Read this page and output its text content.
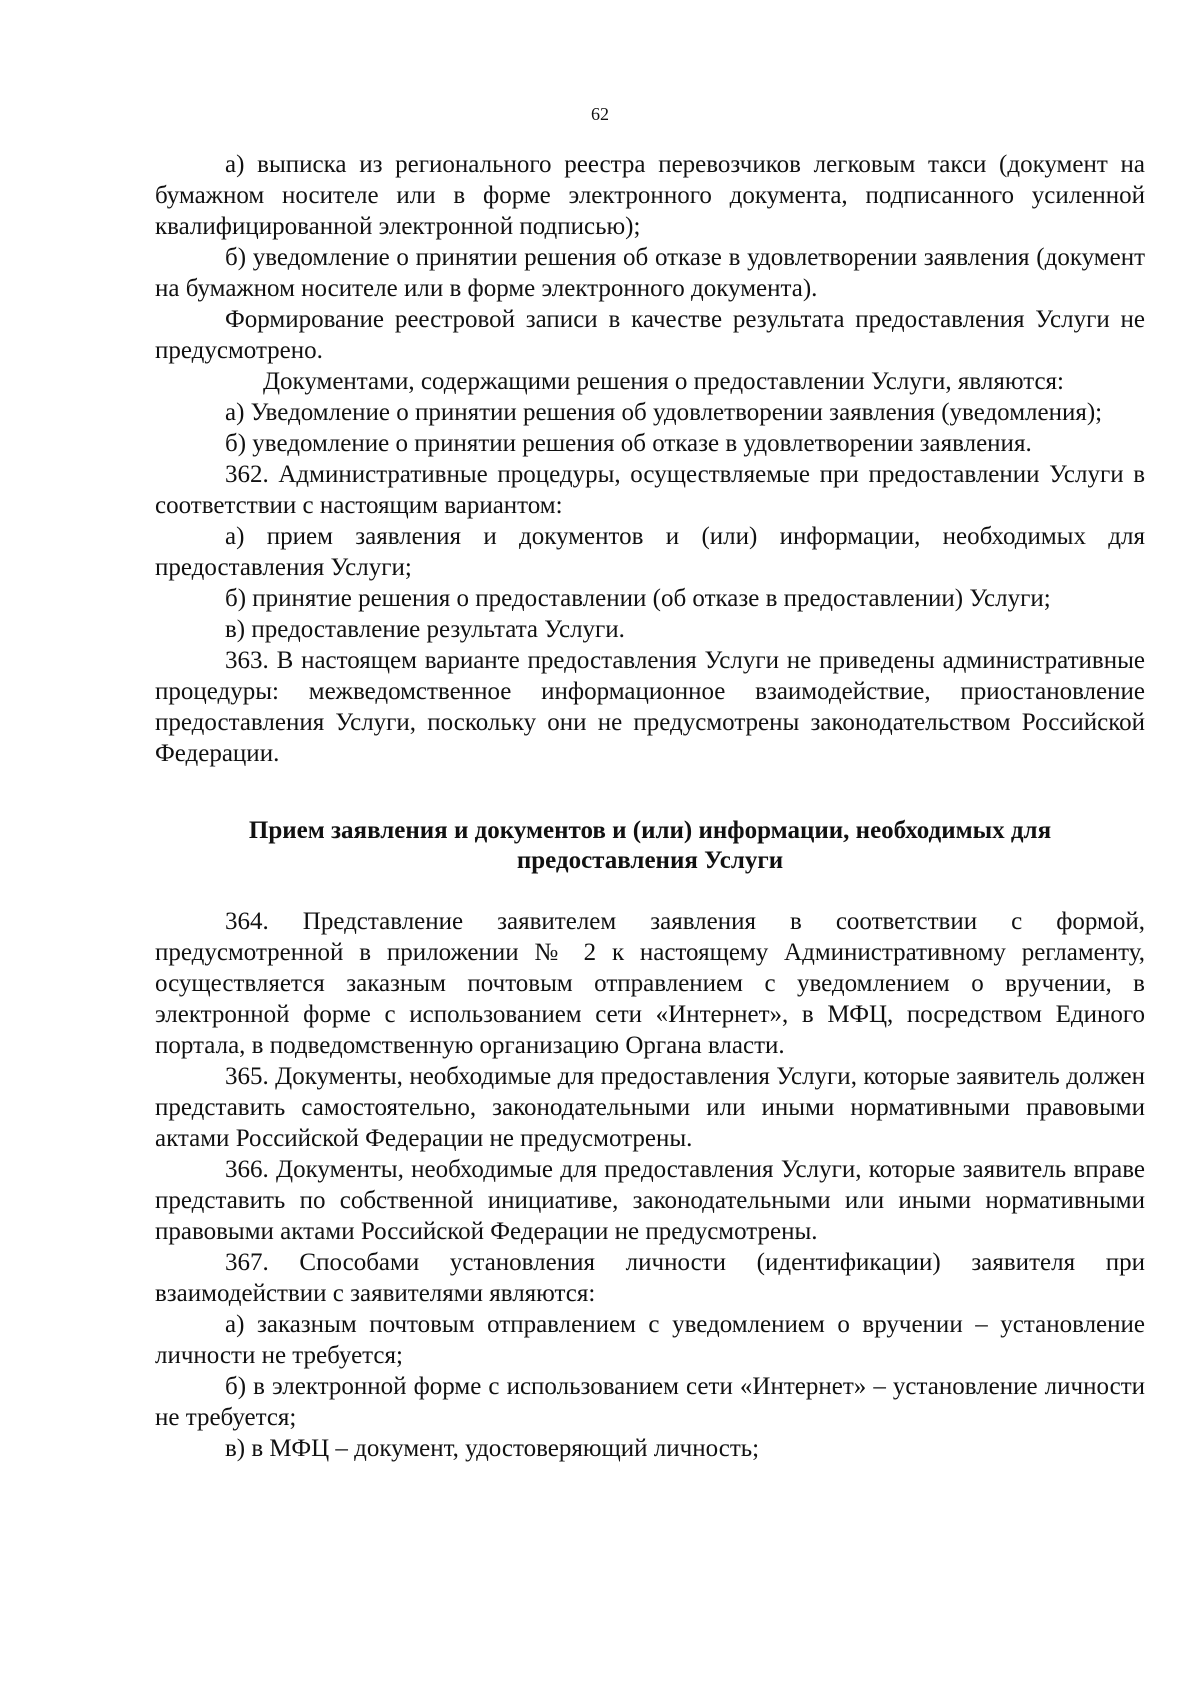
62

а) выписка из регионального реестра перевозчиков легковым такси (документ на бумажном носителе или в форме электронного документа, подписанного усиленной квалифицированной электронной подписью);

б) уведомление о принятии решения об отказе в удовлетворении заявления (документ на бумажном носителе или в форме электронного документа).

Формирование реестровой записи в качестве результата предоставления Услуги не предусмотрено.

Документами, содержащими решения о предоставлении Услуги, являются:

а) Уведомление о принятии решения об удовлетворении заявления (уведомления);

б) уведомление о принятии решения об отказе в удовлетворении заявления.

362. Административные процедуры, осуществляемые при предоставлении Услуги в соответствии с настоящим вариантом:

а) прием заявления и документов и (или) информации, необходимых для предоставления Услуги;

б) принятие решения о предоставлении (об отказе в предоставлении) Услуги;

в) предоставление результата Услуги.

363. В настоящем варианте предоставления Услуги не приведены административные процедуры: межведомственное информационное взаимодействие, приостановление предоставления Услуги, поскольку они не предусмотрены законодательством Российской Федерации.

Прием заявления и документов и (или) информации, необходимых для предоставления Услуги

364. Представление заявителем заявления в соответствии с формой, предусмотренной в приложении № 2 к настоящему Административному регламенту, осуществляется заказным почтовым отправлением с уведомлением о вручении, в электронной форме с использованием сети «Интернет», в МФЦ, посредством Единого портала, в подведомственную организацию Органа власти.

365. Документы, необходимые для предоставления Услуги, которые заявитель должен представить самостоятельно, законодательными или иными нормативными правовыми актами Российской Федерации не предусмотрены.

366. Документы, необходимые для предоставления Услуги, которые заявитель вправе представить по собственной инициативе, законодательными или иными нормативными правовыми актами Российской Федерации не предусмотрены.

367. Способами установления личности (идентификации) заявителя при взаимодействии с заявителями являются:

а) заказным почтовым отправлением с уведомлением о вручении – установление личности не требуется;

б) в электронной форме с использованием сети «Интернет» – установление личности не требуется;

в) в МФЦ – документ, удостоверяющий личность;
